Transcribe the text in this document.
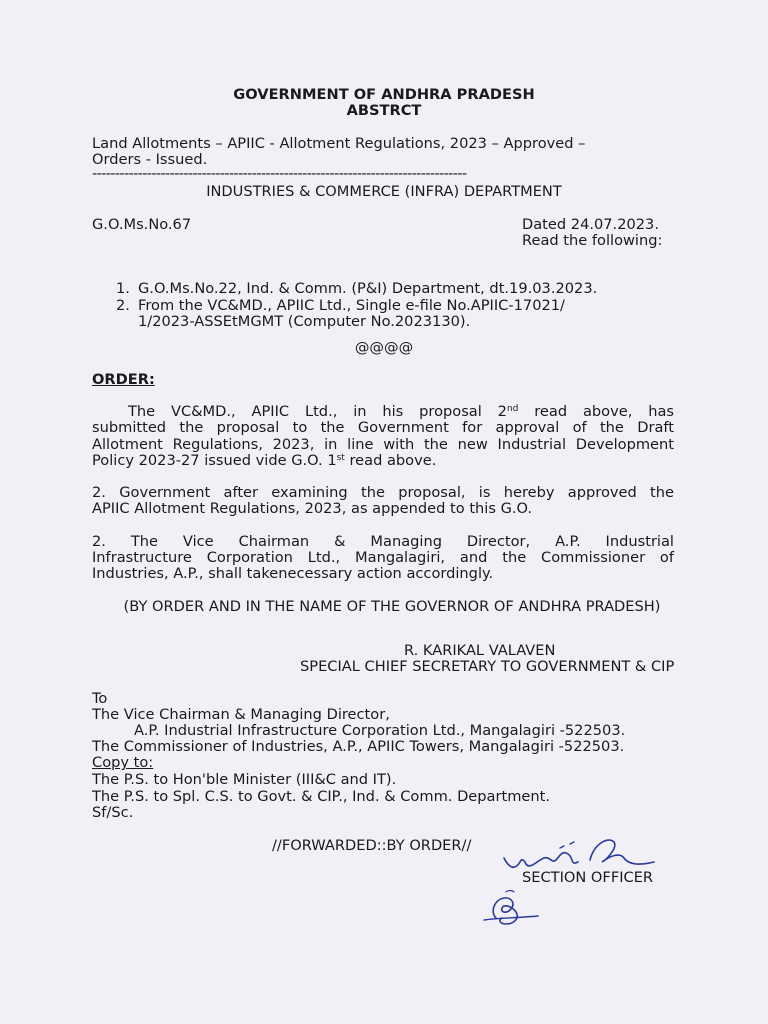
GOVERNMENT OF ANDHRA PRADESH
ABSTRCT
Land Allotments – APIIC - Allotment Regulations, 2023 – Approved –
Orders - Issued.
----------------------------------------------------------------------------------
INDUSTRIES & COMMERCE (INFRA) DEPARTMENT
G.O.Ms.No.67	Dated 24.07.2023.
Read the following:
1. G.O.Ms.No.22, Ind. & Comm. (P&I) Department, dt.19.03.2023.
2. From the VC&MD., APIIC Ltd., Single e-file No.APIIC-17021/
1/2023-ASSEtMGMT (Computer No.2023130).
@@@@
ORDER:
The VC&MD., APIIC Ltd., in his proposal 2nd read above, has
submitted the proposal to the Government for approval of the Draft
Allotment Regulations, 2023, in line with the new Industrial Development
Policy 2023-27 issued vide G.O. 1st read above.
2. Government after examining the proposal, is hereby approved the
APIIC Allotment Regulations, 2023, as appended to this G.O.
2. The Vice Chairman & Managing Director, A.P. Industrial
Infrastructure Corporation Ltd., Mangalagiri, and the Commissioner of
Industries, A.P., shall takenecessary action accordingly.
(BY ORDER AND IN THE NAME OF THE GOVERNOR OF ANDHRA PRADESH)
R. KARIKAL VALAVEN
SPECIAL CHIEF SECRETARY TO GOVERNMENT & CIP
To
The Vice Chairman & Managing Director,
A.P. Industrial Infrastructure Corporation Ltd., Mangalagiri -522503.
The Commissioner of Industries, A.P., APIIC Towers, Mangalagiri -522503.
Copy to:
The P.S. to Hon'ble Minister (III&C and IT).
The P.S. to Spl. C.S. to Govt. & CIP., Ind. & Comm. Department.
Sf/Sc.
//FORWARDED::BY ORDER//
SECTION OFFICER
